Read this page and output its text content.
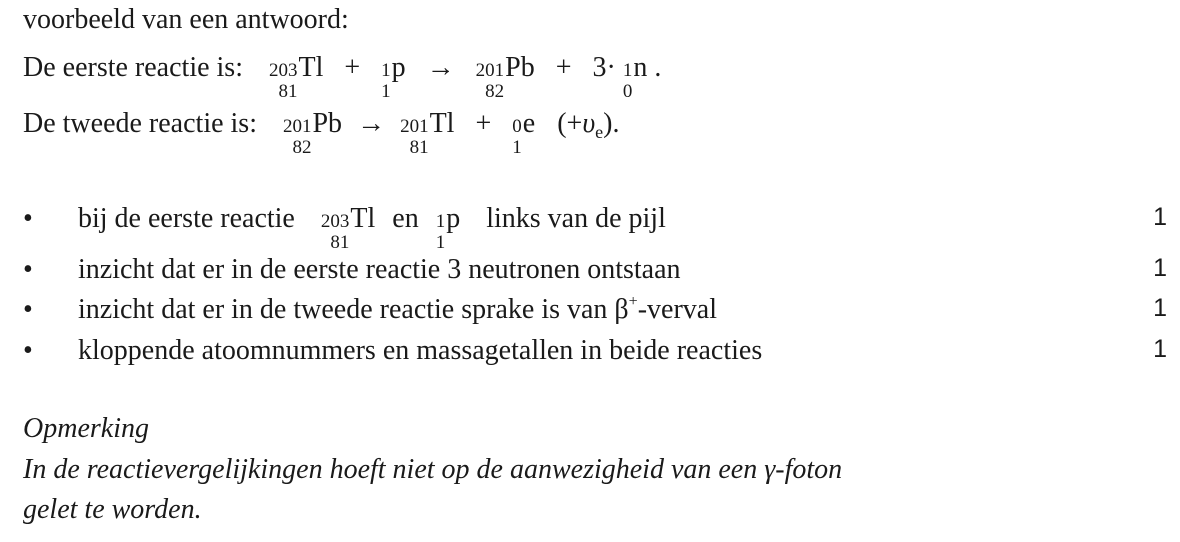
voorbeeld van een antwoord:
De eerste reactie is: 203
81
Tl + 1
1
p → 201
82
Pb + 3· 1
0
n .
De tweede reactie is: 201
82
Pb → 201
81
Tl + 0
1
e $(+\upsilon_e)$.
• bij de eerste reactie 203
81
Tl en 1
1
p links van de pijl	1
• inzicht dat er in de eerste reactie 3 neutronen ontstaan	1
• inzicht dat er in de tweede reactie sprake is van β+-verval	1
• kloppende atoomnummers en massagetallen in beide reacties	1
Opmerking
In de reactievergelijkingen hoeft niet op de aanwezigheid van een γ-foton
gelet te worden.
